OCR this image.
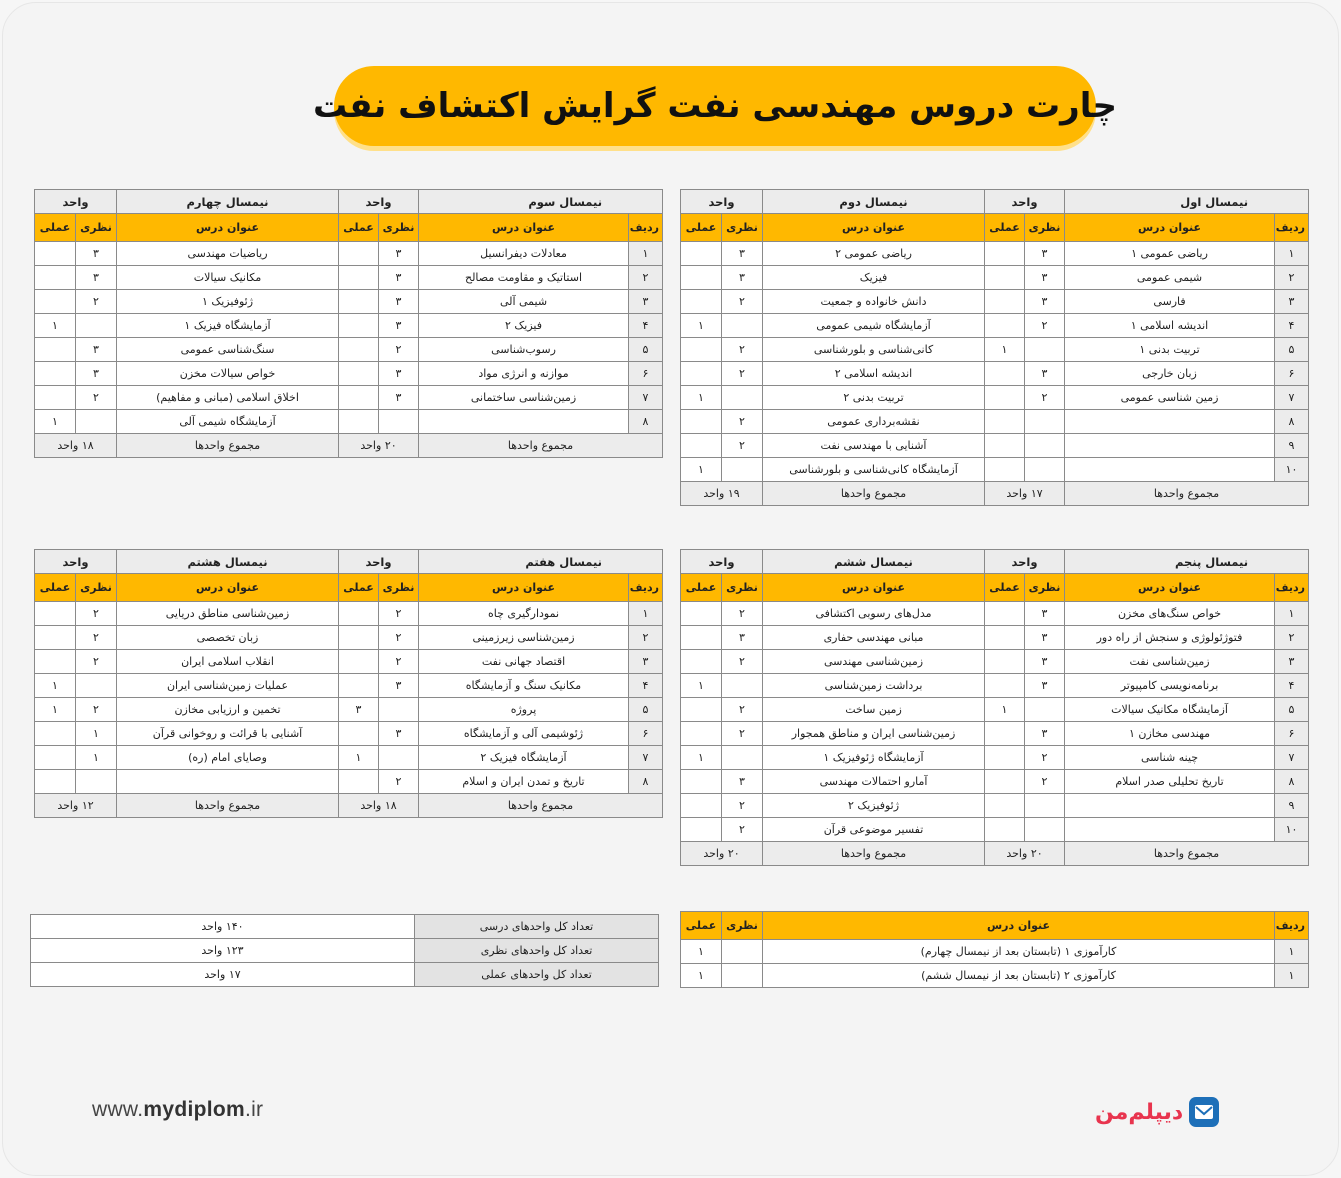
چارت دروس مهندسی نفت گرایش اکتشاف نفت
نیمسال اول		واحد		نیمسال دوم	واحد	
ردیف	عنوان درس	نظری	عملی	عنوان درس	نظری	عملی
۱	ریاضی عمومی ۱	۳		ریاضی عمومی ۲	۳	
۲	شیمی عمومی	۳		فیزیک	۳	
۳	فارسی	۳		دانش خانواده و جمعیت	۲	
۴	اندیشه اسلامی ۱	۲		آزمایشگاه شیمی عمومی		۱
۵	تربیت بدنی ۱		۱	کانی‌شناسی و بلورشناسی	۲	
۶	زبان خارجی	۳		اندیشه اسلامی ۲	۲	
۷	زمین شناسی عمومی	۲		تربیت بدنی ۲		۱
۸				نقشه‌برداری عمومی	۲	
۹				آشنایی با مهندسی نفت	۲	
۱۰				آزمایشگاه کانی‌شناسی و بلورشناسی		۱
مجموع واحدها		۱۷ واحد		مجموع واحدها	۱۹ واحد	
نیمسال سوم		واحد		نیمسال چهارم	واحد	
ردیف	عنوان درس	نظری	عملی	عنوان درس	نظری	عملی
۱	معادلات دیفرانسیل	۳		ریاضیات مهندسی	۳	
۲	استاتیک و مقاومت مصالح	۳		مکانیک سیالات	۳	
۳	شیمی آلی	۳		ژئوفیزیک ۱	۲	
۴	فیزیک ۲	۳		آزمایشگاه فیزیک ۱		۱
۵	رسوب‌شناسی	۲		سنگ‌شناسی عمومی	۳	
۶	موازنه و انرژی مواد	۳		خواص سیالات مخزن	۳	
۷	زمین‌شناسی ساختمانی	۳		اخلاق اسلامی (مبانی و مفاهیم)	۲	
۸				آزمایشگاه شیمی آلی		۱
مجموع واحدها		۲۰ واحد		مجموع واحدها	۱۸ واحد	
نیمسال پنجم		واحد		نیمسال ششم	واحد	
ردیف	عنوان درس	نظری	عملی	عنوان درس	نظری	عملی
۱	خواص سنگ‌های مخزن	۳		مدل‌های رسوبی اکتشافی	۲	
۲	فتوژئولوژی و سنجش از راه دور	۳		مبانی مهندسی حفاری	۳	
۳	زمین‌شناسی نفت	۳		زمین‌شناسی مهندسی	۲	
۴	برنامه‌نویسی کامپیوتر	۳		برداشت زمین‌شناسی		۱
۵	آزمایشگاه مکانیک سیالات		۱	زمین ساخت	۲	
۶	مهندسی مخازن ۱	۳		زمین‌شناسی ایران و مناطق همجوار	۲	
۷	چینه شناسی	۲		آزمایشگاه ژئوفیزیک ۱		۱
۸	تاریخ تحلیلی صدر اسلام	۲		آمارو احتمالات مهندسی	۳	
۹				ژئوفیزیک ۲	۲	
۱۰				تفسیر موضوعی قرآن	۲	
مجموع واحدها		۲۰ واحد		مجموع واحدها	۲۰ واحد	
نیمسال هفتم		واحد		نیمسال هشتم	واحد	
ردیف	عنوان درس	نظری	عملی	عنوان درس	نظری	عملی
۱	نمودارگیری چاه	۲		زمین‌شناسی مناطق دریایی	۲	
۲	زمین‌شناسی زیرزمینی	۲		زبان تخصصی	۲	
۳	اقتصاد جهانی نفت	۲		انقلاب اسلامی ایران	۲	
۴	مکانیک سنگ و آزمایشگاه	۳		عملیات زمین‌شناسی ایران		۱
۵	پروژه		۳	تخمین و ارزیابی مخازن	۲	۱
۶	ژئوشیمی آلی و آزمایشگاه	۳		آشنایی با قرائت و روخوانی قرآن	۱	
۷	آزمایشگاه فیزیک ۲		۱	وصایای امام (ره)	۱	
۸	تاریخ و تمدن ایران و اسلام	۲				
مجموع واحدها		۱۸ واحد		مجموع واحدها	۱۲ واحد	
ردیف	عنوان درس	نظری	عملی
۱	کارآموزی ۱ (تابستان بعد از نیمسال چهارم)		۱
۱	کارآموزی ۲ (تابستان بعد از نیمسال ششم)		۱
تعداد کل واحدهای درسی	۱۴۰ واحد
تعداد کل واحدهای نظری	۱۲۳ واحد
تعداد کل واحدهای عملی	۱۷ واحد
www.mydiplom.ir	دیپلم‌من
